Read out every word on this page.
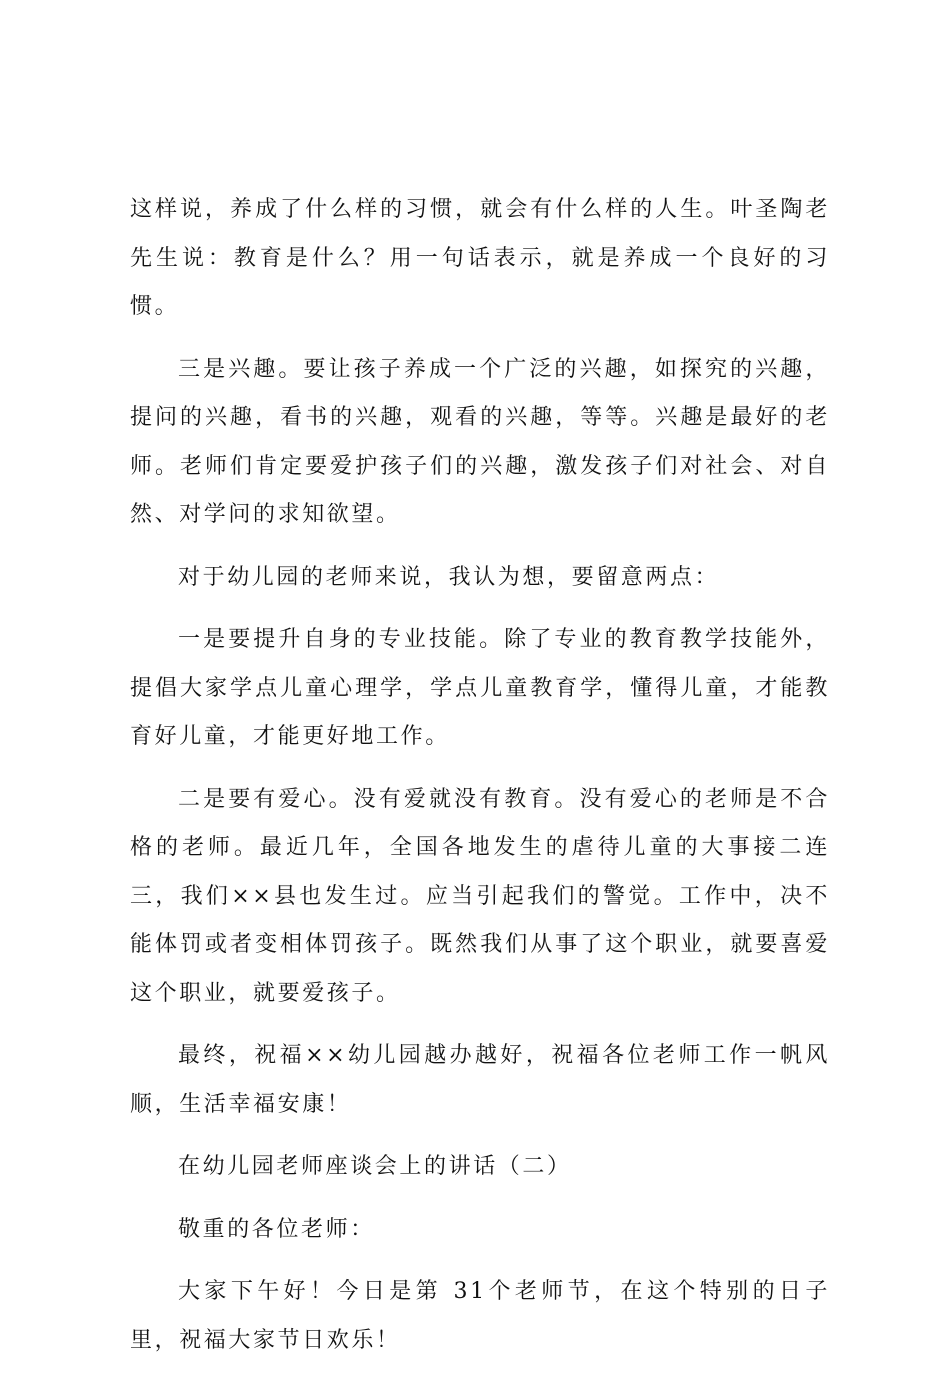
这样说，养成了什么样的习惯，就会有什么样的人生。叶圣陶老先生说：教育是什么？用一句话表示，就是养成一个良好的习惯。

三是兴趣。要让孩子养成一个广泛的兴趣，如探究的兴趣，提问的兴趣，看书的兴趣，观看的兴趣，等等。兴趣是最好的老师。老师们肯定要爱护孩子们的兴趣，激发孩子们对社会、对自然、对学问的求知欲望。

对于幼儿园的老师来说，我认为想，要留意两点：

一是要提升自身的专业技能。除了专业的教育教学技能外，提倡大家学点儿童心理学，学点儿童教育学，懂得儿童，才能教育好儿童，才能更好地工作。

二是要有爱心。没有爱就没有教育。没有爱心的老师是不合格的老师。最近几年，全国各地发生的虐待儿童的大事接二连三，我们××县也发生过。应当引起我们的警觉。工作中，决不能体罚或者变相体罚孩子。既然我们从事了这个职业，就要喜爱这个职业，就要爱孩子。

最终，祝福××幼儿园越办越好，祝福各位老师工作一帆风顺，生活幸福安康！

在幼儿园老师座谈会上的讲话（二）

敬重的各位老师：

大家下午好！今日是第 31个老师节，在这个特别的日子里，祝福大家节日欢乐！
